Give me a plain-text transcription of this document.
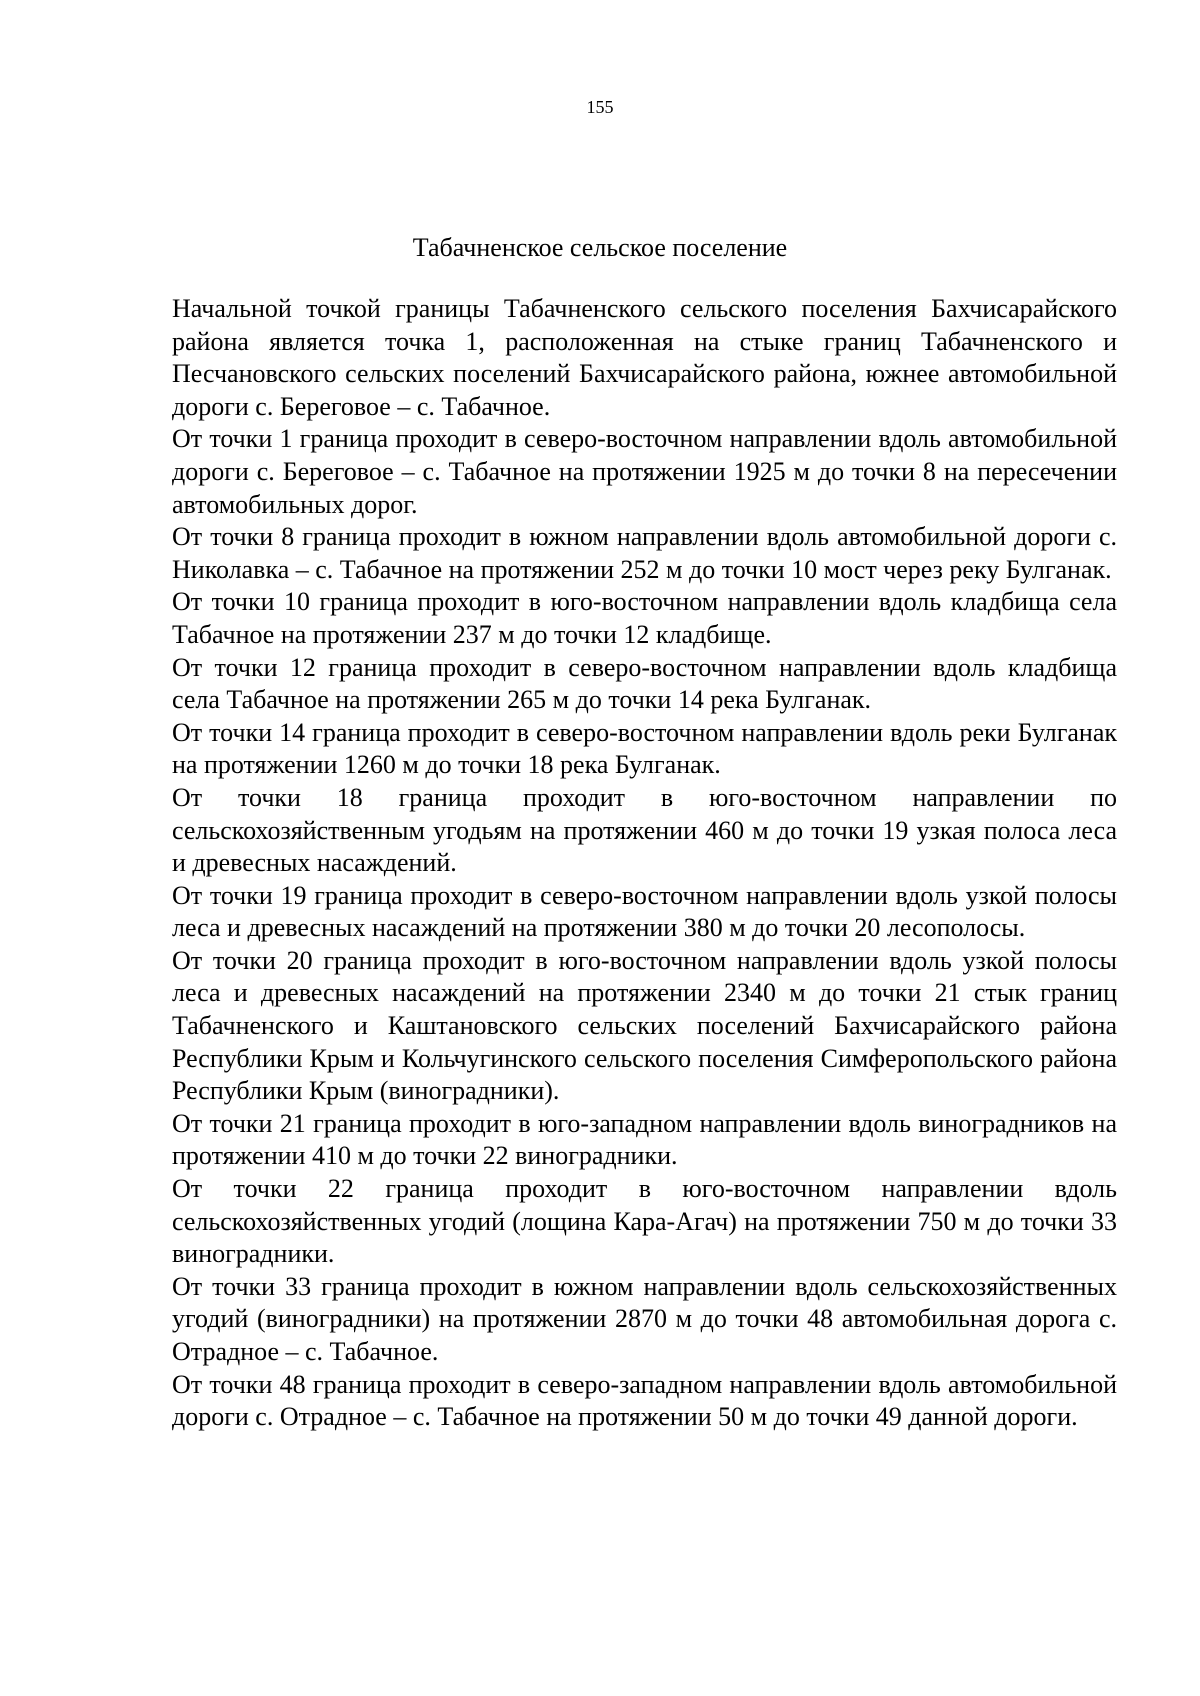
155
Табачненское сельское поселение

Начальной точкой границы Табачненского сельского поселения Бахчисарайского района является точка 1, расположенная на стыке границ Табачненского и Песчановского сельских поселений Бахчисарайского района, южнее автомобильной дороги с. Береговое – с. Табачное.

От точки 1 граница проходит в северо-восточном направлении вдоль автомобильной дороги с. Береговое – с. Табачное на протяжении 1925 м до точки 8 на пересечении автомобильных дорог.

От точки 8 граница проходит в южном направлении вдоль автомобильной дороги с. Николавка – с. Табачное на протяжении 252 м до точки 10 мост через реку Булганак.

От точки 10 граница проходит в юго-восточном направлении вдоль кладбища села Табачное на протяжении 237 м до точки 12 кладбище.

От точки 12 граница проходит в северо-восточном направлении вдоль кладбища села Табачное на протяжении 265 м до точки 14 река Булганак.

От точки 14 граница проходит в северо-восточном направлении вдоль реки Булганак на протяжении 1260 м до точки 18 река Булганак.

От точки 18 граница проходит в юго-восточном направлении по сельскохозяйственным угодьям на протяжении 460 м до точки 19 узкая полоса леса и древесных насаждений.

От точки 19 граница проходит в северо-восточном направлении вдоль узкой полосы леса и древесных насаждений на протяжении 380 м до точки 20 лесополосы.

От точки 20 граница проходит в юго-восточном направлении вдоль узкой полосы леса и древесных насаждений на протяжении 2340 м до точки 21 стык границ Табачненского и Каштановского сельских поселений Бахчисарайского района Республики Крым и Кольчугинского сельского поселения Симферопольского района Республики Крым (виноградники).

От точки 21 граница проходит в юго-западном направлении вдоль виноградников на протяжении 410 м до точки 22 виноградники.

От точки 22 граница проходит в юго-восточном направлении вдоль сельскохозяйственных угодий (лощина Кара-Агач) на протяжении 750 м до точки 33 виноградники.

От точки 33 граница проходит в южном направлении вдоль сельскохозяйственных угодий (виноградники) на протяжении 2870 м до точки 48 автомобильная дорога с. Отрадное – с. Табачное.

От точки 48 граница проходит в северо-западном направлении вдоль автомобильной дороги с. Отрадное – с. Табачное на протяжении 50 м до точки 49 данной дороги.
